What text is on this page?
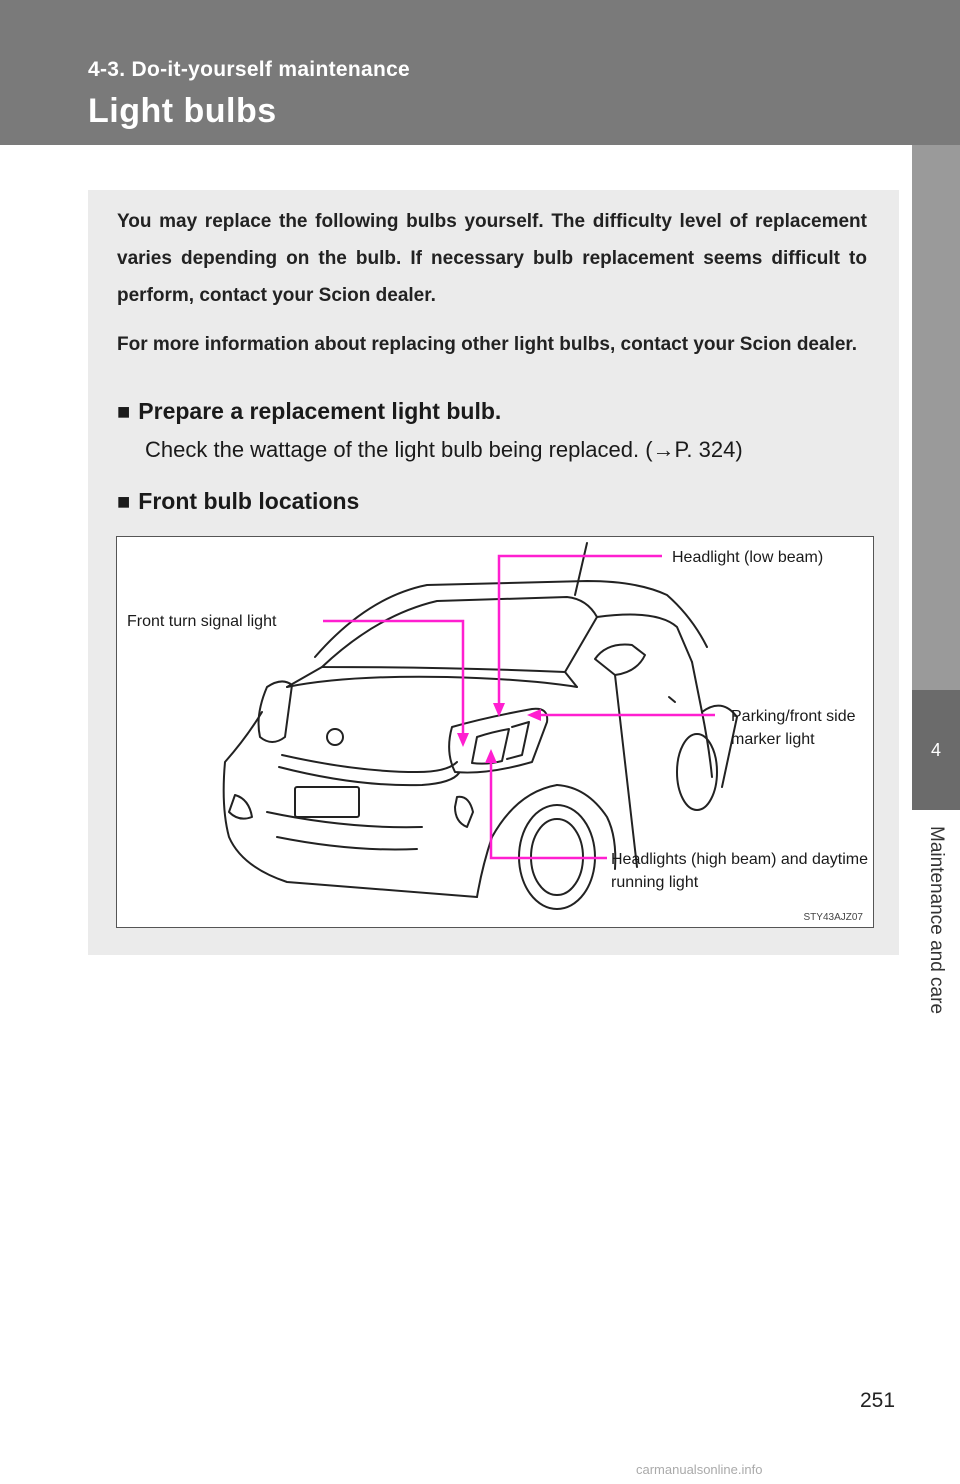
4-3. Do-it-yourself maintenance
Light bulbs
4
Maintenance and care

You may replace the following bulbs yourself. The difficulty level of replacement varies depending on the bulb. If necessary bulb replacement seems difficult to perform, contact your Scion dealer.

For more information about replacing other light bulbs, contact your Scion dealer.

■ Prepare a replacement light bulb.
Check the wattage of the light bulb being replaced. (→P. 324)
■ Front bulb locations
Headlight (low beam)
Front turn signal light
Parking/front side marker light
Headlights (high beam) and daytime running light
STY43AJZ07
251
carmanualsonline.info
